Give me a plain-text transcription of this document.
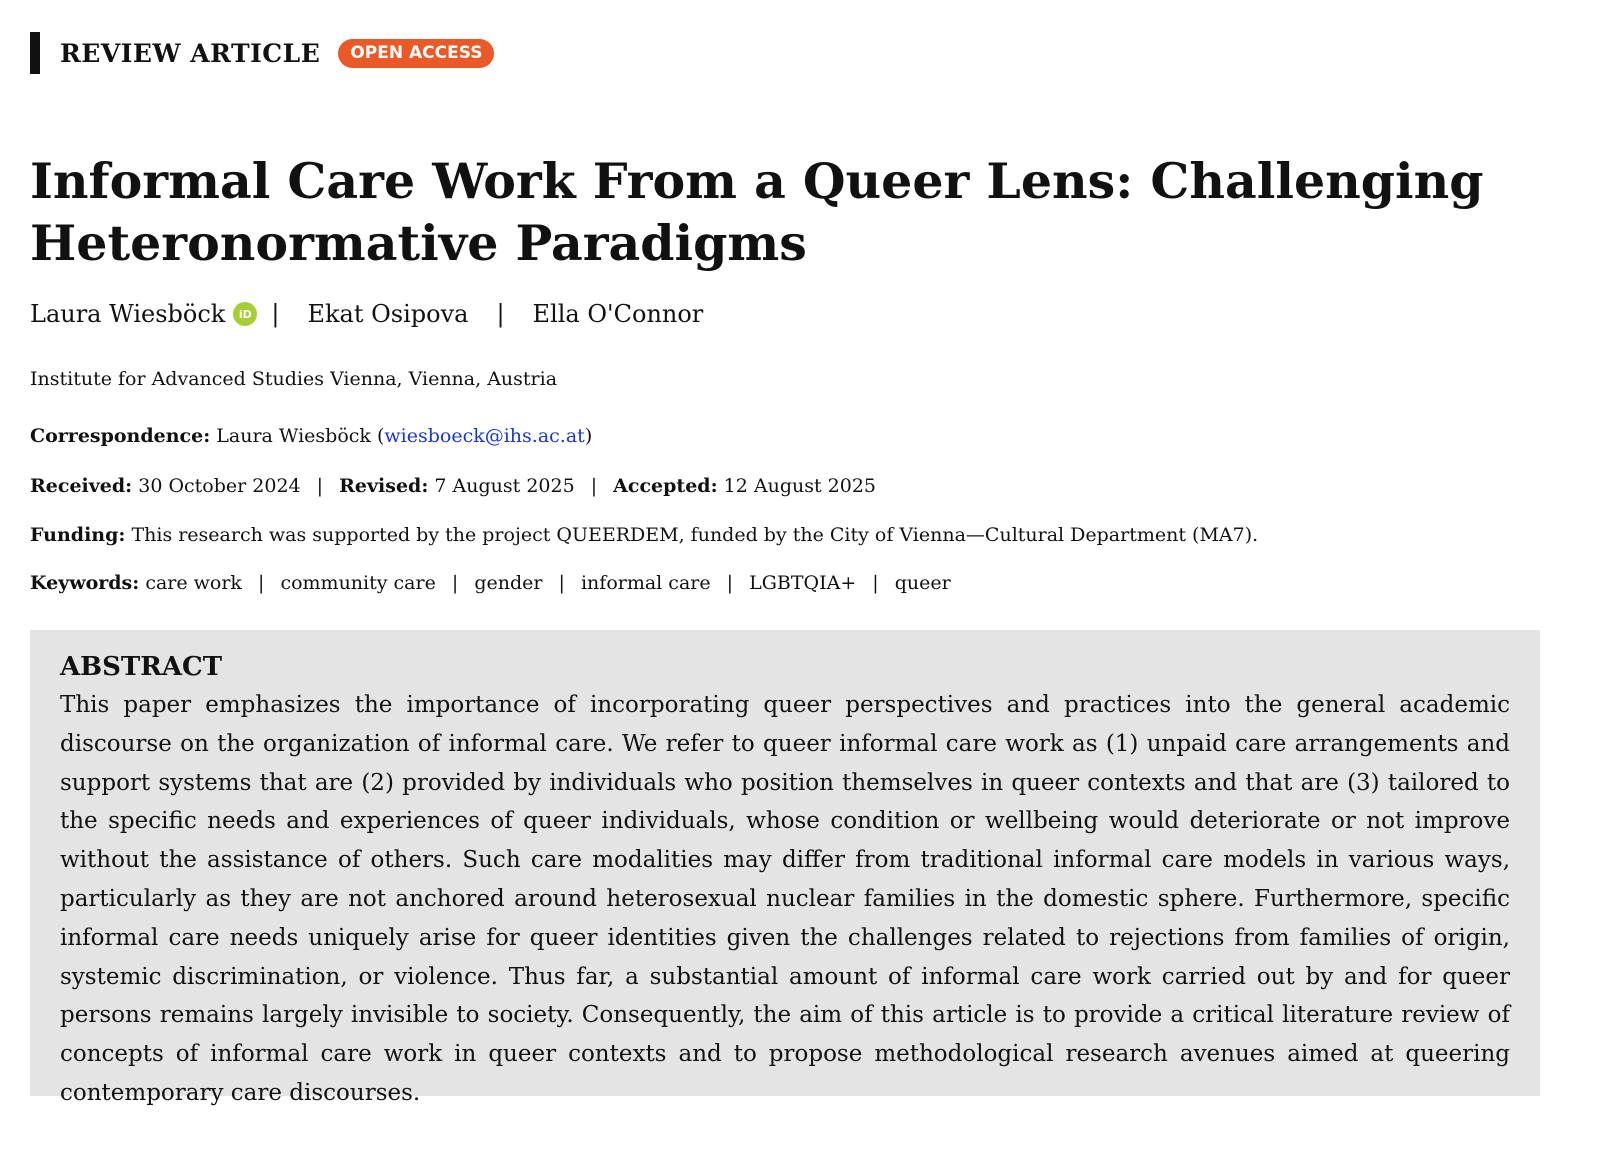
REVIEW ARTICLE	OPEN ACCESS
Informal Care Work From a Queer Lens: Challenging Heteronormative Paradigms
Laura Wiesböck	iD | Ekat Osipova | Ella O'Connor
Institute for Advanced Studies Vienna, Vienna, Austria
Correspondence: Laura Wiesböck (wiesboeck@ihs.ac.at)
Received: 30 October 2024 | Revised: 7 August 2025 | Accepted: 12 August 2025
Funding: This research was supported by the project QUEERDEM, funded by the City of Vienna—Cultural Department (MA7).
Keywords: care work | community care | gender | informal care | LGBTQIA+ | queer
ABSTRACT

This paper emphasizes the importance of incorporating queer perspectives and practices into the general academic discourse on the organization of informal care. We refer to queer informal care work as (1) unpaid care arrangements and support systems that are (2) provided by individuals who position themselves in queer contexts and that are (3) tailored to the specific needs and experiences of queer individuals, whose condition or wellbeing would deteriorate or not improve without the assistance of others. Such care modalities may differ from traditional informal care models in various ways, particularly as they are not anchored around heterosexual nuclear families in the domestic sphere. Furthermore, specific informal care needs uniquely arise for queer identities given the challenges related to rejections from families of origin, systemic discrimination, or violence. Thus far, a substantial amount of informal care work carried out by and for queer persons remains largely invisible to society. Consequently, the aim of this article is to provide a critical literature review of concepts of informal care work in queer contexts and to propose methodological research avenues aimed at queering contemporary care discourses.
